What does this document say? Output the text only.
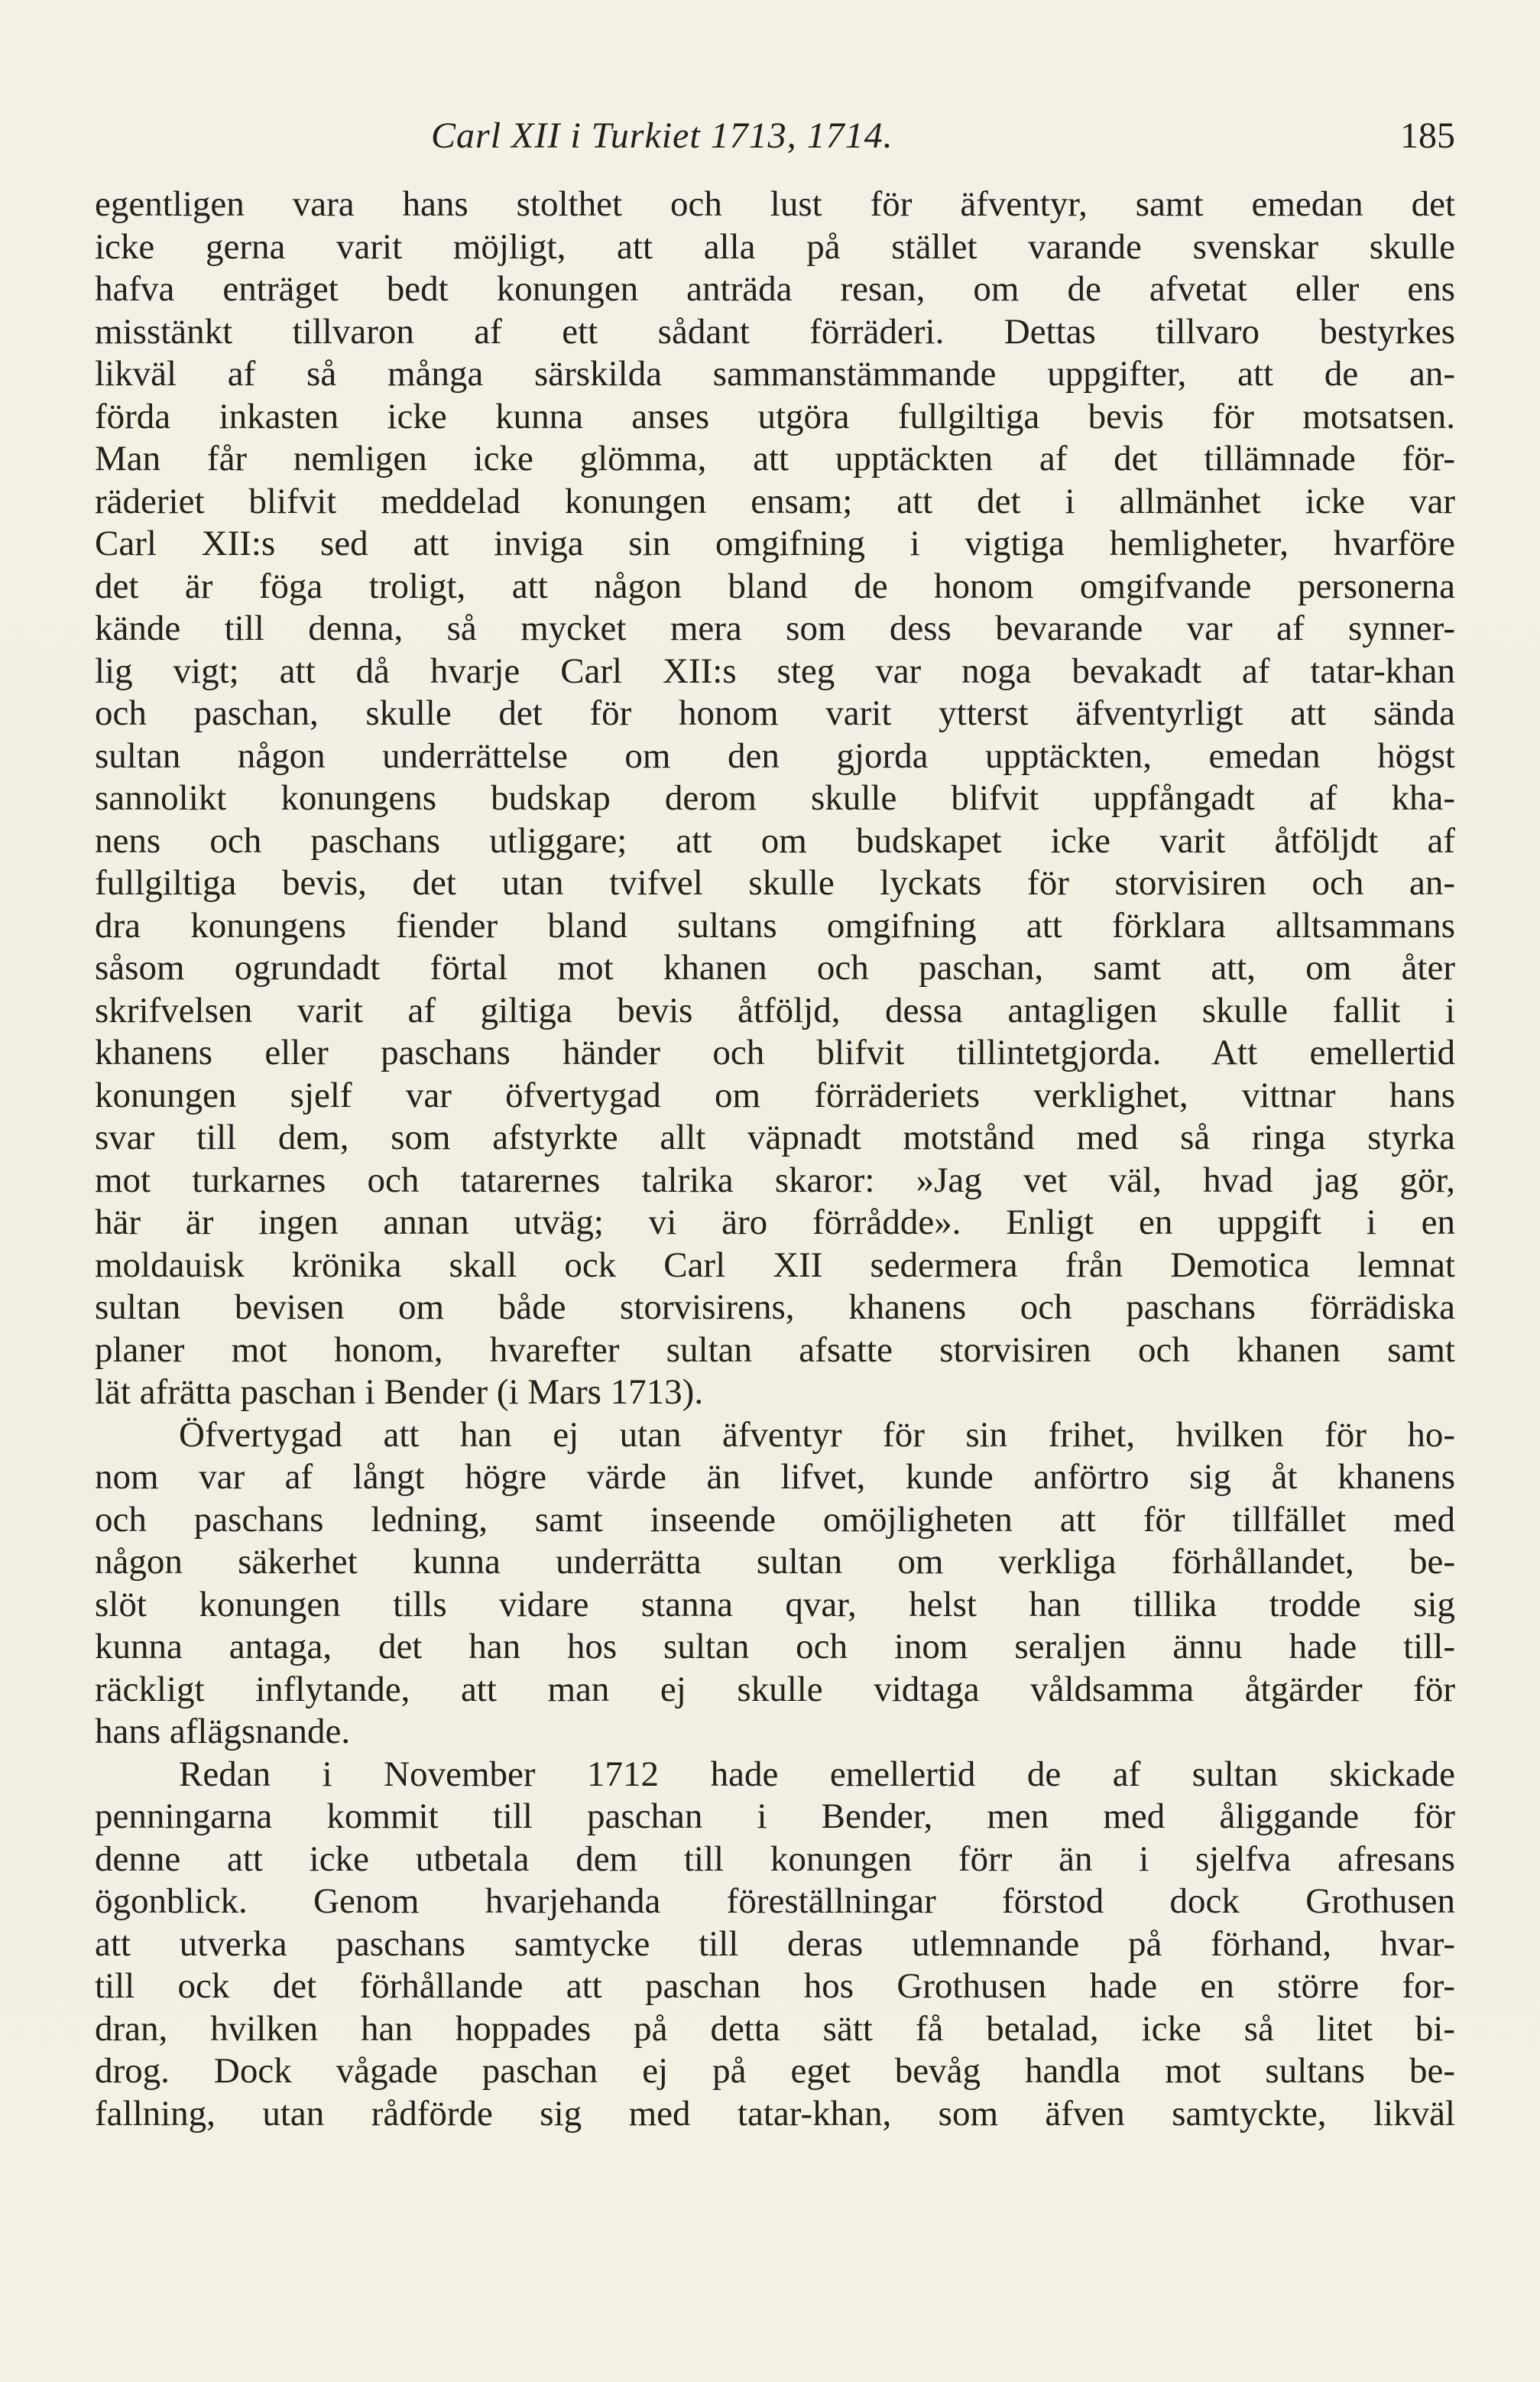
Carl XII i Turkiet 1713, 1714.	185
egentligen vara hans stolthet och lust för äfventyr, samt emedan det
icke gerna varit möjligt, att alla på stället varande svenskar skulle
hafva enträget bedt konungen anträda resan, om de afvetat eller ens
misstänkt tillvaron af ett sådant förräderi. Dettas tillvaro bestyrkes
likväl af så många särskilda sammanstämmande uppgifter, att de an-
förda inkasten icke kunna anses utgöra fullgiltiga bevis för motsatsen.
Man får nemligen icke glömma, att upptäckten af det tillämnade för-
räderiet blifvit meddelad konungen ensam; att det i allmänhet icke var
Carl XII:s sed att inviga sin omgifning i vigtiga hemligheter, hvarföre
det är föga troligt, att någon bland de honom omgifvande personerna
kände till denna, så mycket mera som dess bevarande var af synner-
lig vigt; att då hvarje Carl XII:s steg var noga bevakadt af tatar-khan
och paschan, skulle det för honom varit ytterst äfventyrligt att sända
sultan någon underrättelse om den gjorda upptäckten, emedan högst
sannolikt konungens budskap derom skulle blifvit uppfångadt af kha-
nens och paschans utliggare; att om budskapet icke varit åtföljdt af
fullgiltiga bevis, det utan tvifvel skulle lyckats för storvisiren och an-
dra konungens fiender bland sultans omgifning att förklara alltsammans
såsom ogrundadt förtal mot khanen och paschan, samt att, om åter
skrifvelsen varit af giltiga bevis åtföljd, dessa antagligen skulle fallit i
khanens eller paschans händer och blifvit tillintetgjorda. Att emellertid
konungen sjelf var öfvertygad om förräderiets verklighet, vittnar hans
svar till dem, som afstyrkte allt väpnadt motstånd med så ringa styrka
mot turkarnes och tatarernes talrika skaror: »Jag vet väl, hvad jag gör,
här är ingen annan utväg; vi äro förrådde». Enligt en uppgift i en
moldauisk krönika skall ock Carl XII sedermera från Demotica lemnat
sultan bevisen om både storvisirens, khanens och paschans förrädiska
planer mot honom, hvarefter sultan afsatte storvisiren och khanen samt
lät afrätta paschan i Bender (i Mars 1713).
Öfvertygad att han ej utan äfventyr för sin frihet, hvilken för ho-
nom var af långt högre värde än lifvet, kunde anförtro sig åt khanens
och paschans ledning, samt inseende omöjligheten att för tillfället med
någon säkerhet kunna underrätta sultan om verkliga förhållandet, be-
slöt konungen tills vidare stanna qvar, helst han tillika trodde sig
kunna antaga, det han hos sultan och inom seraljen ännu hade till-
räckligt inflytande, att man ej skulle vidtaga våldsamma åtgärder för
hans aflägsnande.
Redan i November 1712 hade emellertid de af sultan skickade
penningarna kommit till paschan i Bender, men med åliggande för
denne att icke utbetala dem till konungen förr än i sjelfva afresans
ögonblick. Genom hvarjehanda föreställningar förstod dock Grothusen
att utverka paschans samtycke till deras utlemnande på förhand, hvar-
till ock det förhållande att paschan hos Grothusen hade en större for-
dran, hvilken han hoppades på detta sätt få betalad, icke så litet bi-
drog. Dock vågade paschan ej på eget bevåg handla mot sultans be-
fallning, utan rådförde sig med tatar-khan, som äfven samtyckte, likväl
